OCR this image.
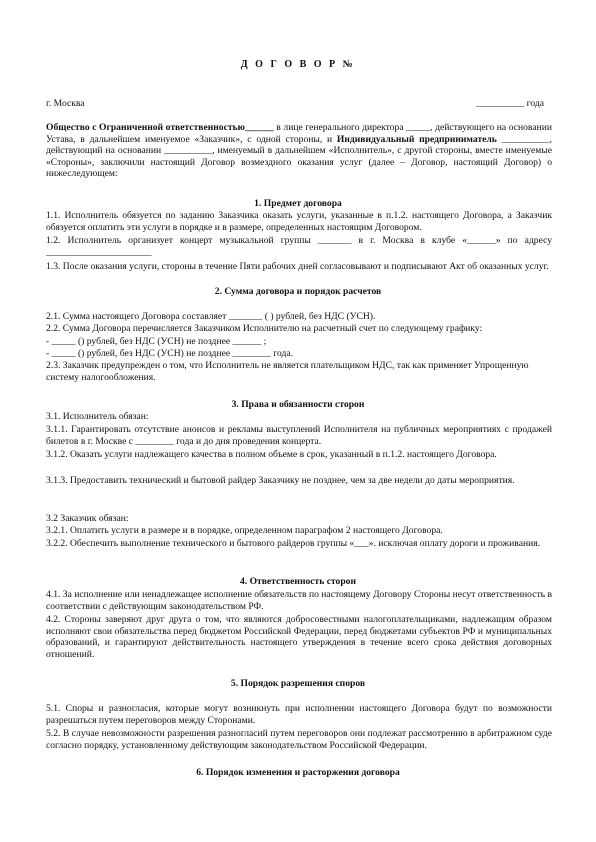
Д О Г О В О Р №
г. Москва	__________ года
Общество с Ограниченной ответственностью______ в лице генерального директора _____, действующего на основании Устава, в дальнейшем именуемое «Заказчик», с одной стороны, и Индивидуальный предприниматель __________, действующий на основании __________, именуемый в дальнейшем «Исполнитель», с другой стороны, вместе именуемые «Стороны», заключили настоящий Договор возмездного оказания услуг (далее – Договор, настоящий Договор) о нижеследующем:
1. Предмет договора
1.1. Исполнитель обязуется по заданию Заказчика оказать услуги, указанные в п.1.2. настоящего Договора, а Заказчик обязуется оплатить эти услуги в порядке и в размере, определенных настоящим Договором.
1.2. Исполнитель организует концерт музыкальной группы _______ в г. Москва в клубе «______» по адресу ______________________
1.3. После оказания услуги, стороны в течение Пяти рабочих дней согласовывают и подписывают Акт об оказанных услуг.
2. Сумма договора и порядок расчетов
2.1. Сумма настоящего Договора составляет _______ ( ) рублей, без НДС (УСН).
2.2. Сумма Договора перечисляется Заказчиком Исполнителю на расчетный счет по следующему графику:
- _____ () рублей, без НДС (УСН) не позднее ______ ;
- _____ () рублей, без НДС (УСН) не позднее ________ года.
2.3. Заказчик предупрежден о том, что Исполнитель не является плательщиком НДС, так как применяет Упрощенную систему налогообложения.
3. Права и обязанности сторон
3.1. Исполнитель обязан:
3.1.1. Гарантировать отсутствие анонсов и рекламы выступлений Исполнителя на публичных мероприятиях с продажей билетов в г. Москве с ________ года и до дня проведения концерта.
3.1.2. Оказать услуги надлежащего качества в полном объеме в срок, указанный в п.1.2. настоящего Договора.
3.1.3. Предоставить технический и бытовой райдер Заказчику не позднее, чем за две недели до даты мероприятия.
3.2 Заказчик обязан:
3.2.1. Оплатить услуги в размере и в порядке, определенном параграфом 2 настоящего Договора.
3.2.2. Обеспечить выполнение технического и бытового райдеров группы «___». исключая оплату дороги и проживания.
4. Ответственность сторон
4.1. За исполнение или ненадлежащее исполнение обязательств по настоящему Договору Стороны несут ответственность в соответствии с действующим законодательством РФ.
4.2. Стороны заверяют друг друга о том, что являются добросовестными налогоплательщиками, надлежащим образом исполняют свои обязательства перед бюджетом Российской Федерации, перед бюджетами субъектов РФ и муниципальных образований, и гарантируют действительность настоящего утверждения в течение всего срока действия договорных отношений.
5. Порядок разрешения споров
5.1. Споры и разногласия, которые могут возникнуть при исполнении настоящего Договора будут по возможности разрешаться путем переговоров между Сторонами.
5.2. В случае невозможности разрешения разногласий путем переговоров они подлежат рассмотрению в арбитражном суде согласно порядку, установленному действующим законодательством Российской Федерации.
6. Порядок изменения и расторжения договора
